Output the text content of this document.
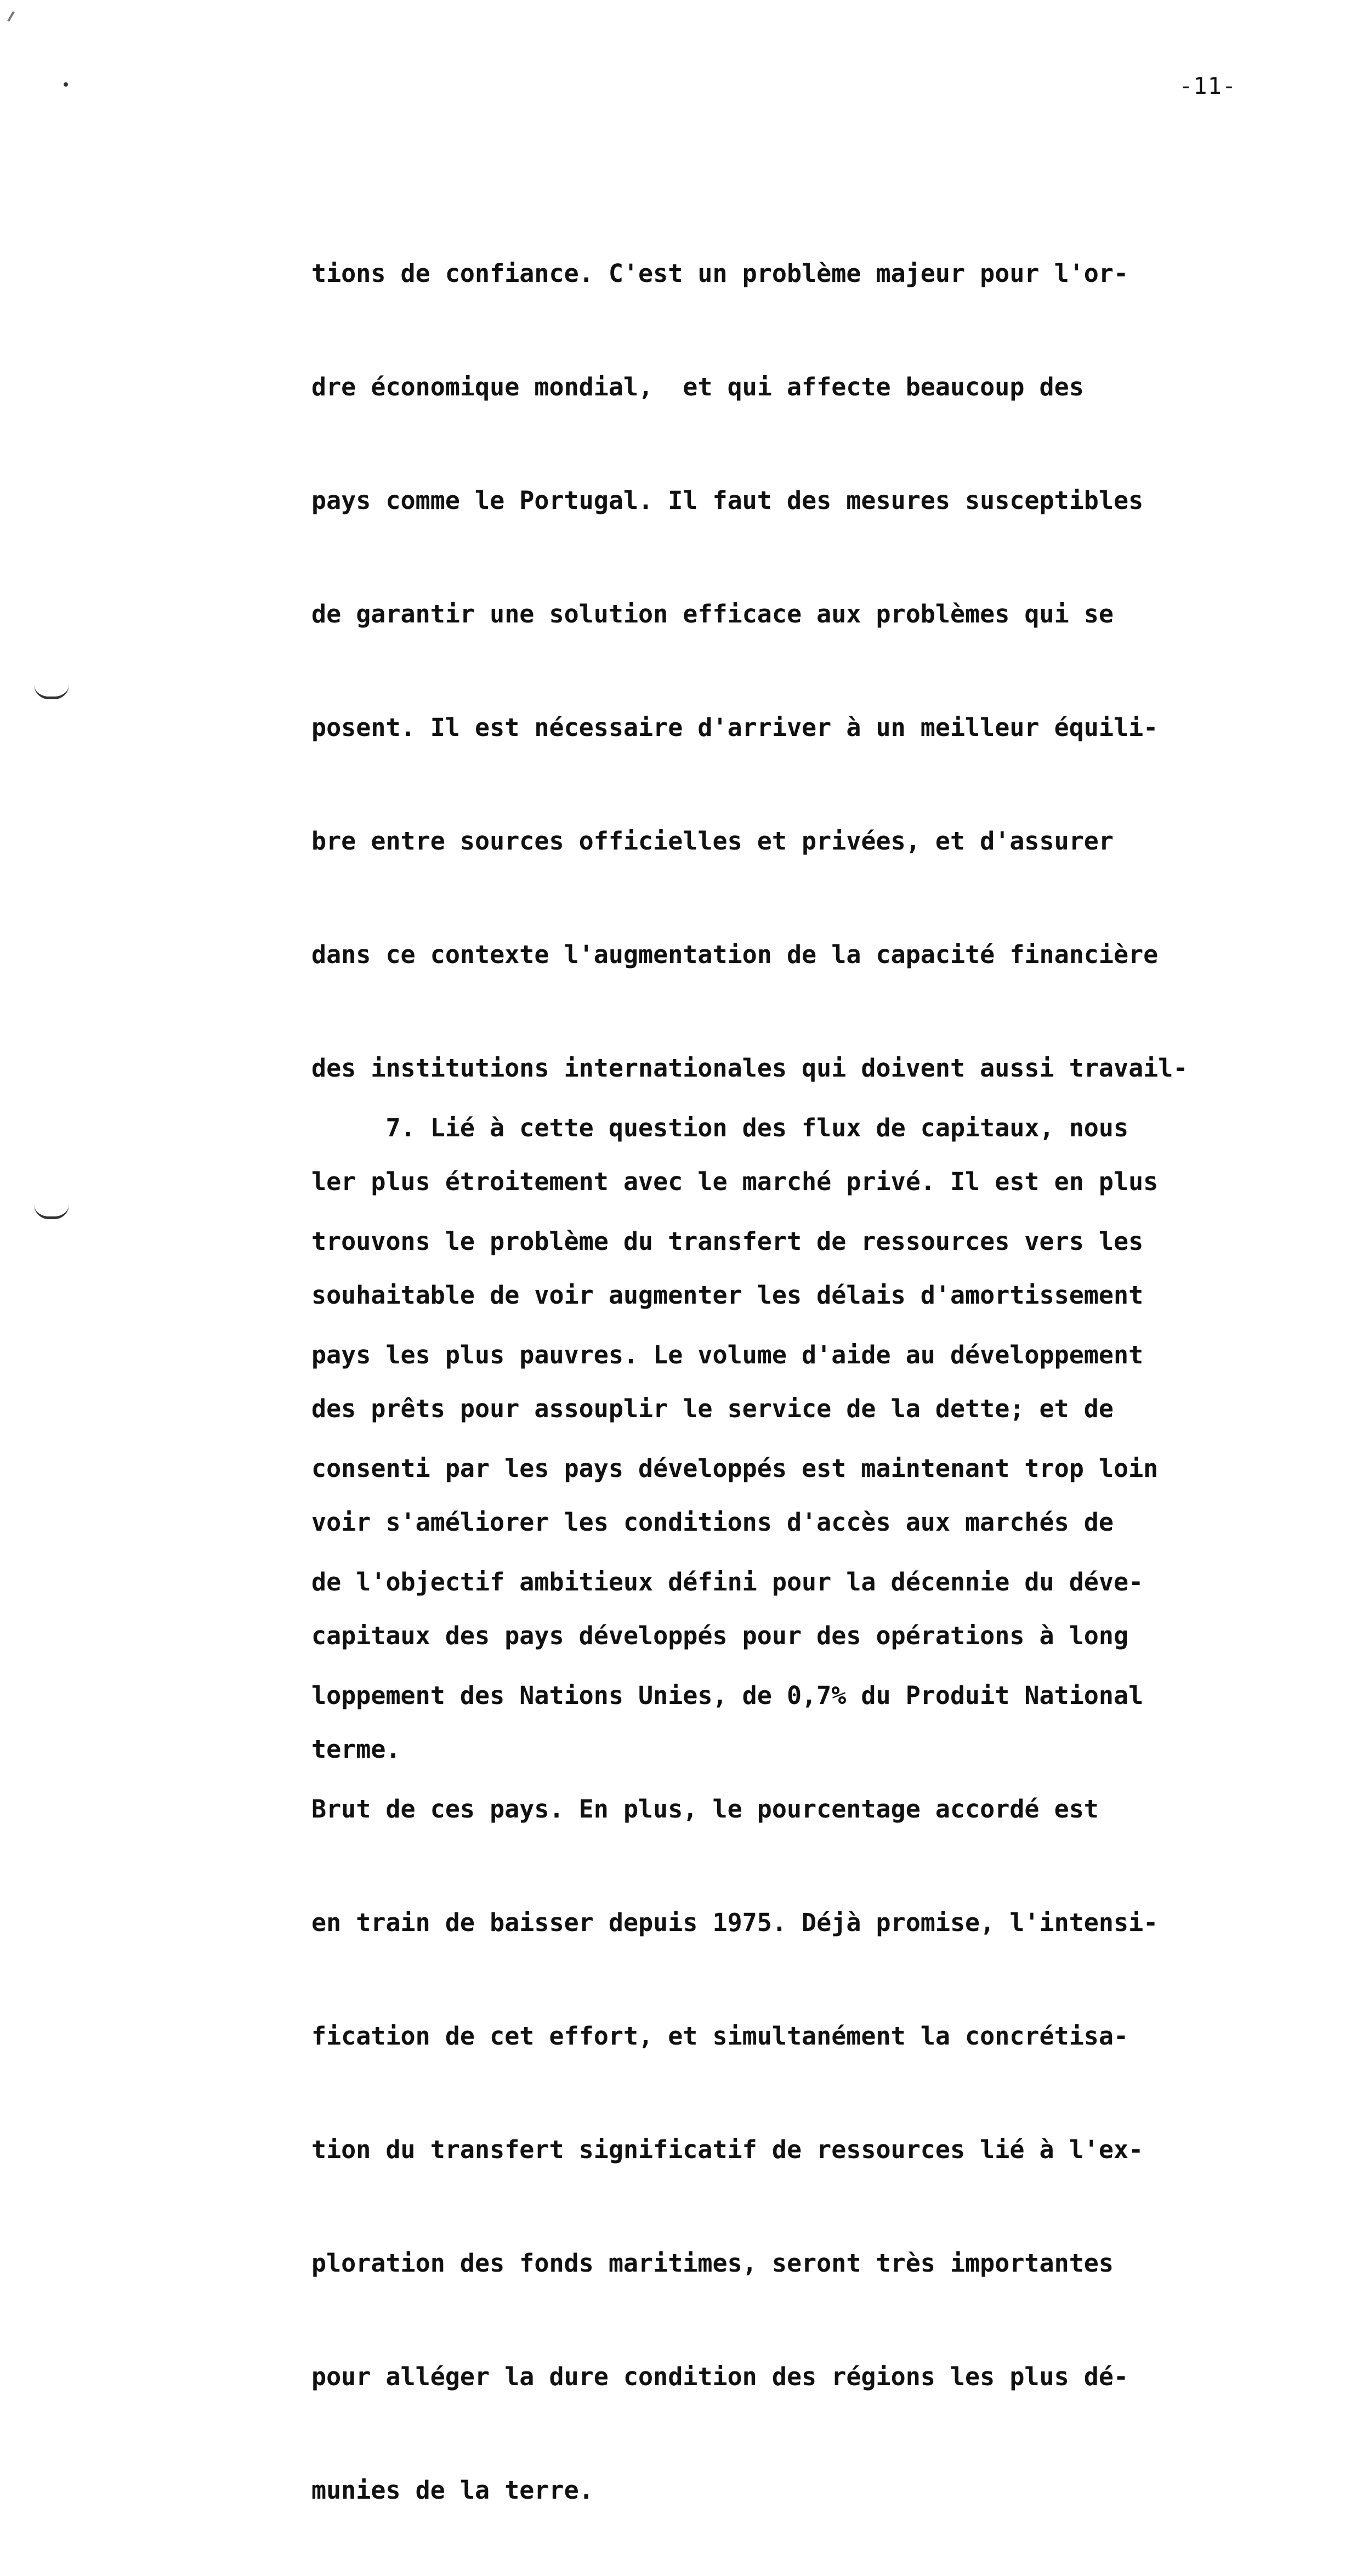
-11-

tions de confiance. C'est un problème majeur pour l'or-

dre économique mondial,  et qui affecte beaucoup des

pays comme le Portugal. Il faut des mesures susceptibles

de garantir une solution efficace aux problèmes qui se

posent. Il est nécessaire d'arriver à un meilleur équili-

bre entre sources officielles et privées, et d'assurer

dans ce contexte l'augmentation de la capacité financière

des institutions internationales qui doivent aussi travail-

ler plus étroitement avec le marché privé. Il est en plus

souhaitable de voir augmenter les délais d'amortissement

des prêts pour assouplir le service de la dette; et de

voir s'améliorer les conditions d'accès aux marchés de

capitaux des pays développés pour des opérations à long

terme.

7. Lié à cette question des flux de capitaux, nous

trouvons le problème du transfert de ressources vers les

pays les plus pauvres. Le volume d'aide au développement

consenti par les pays développés est maintenant trop loin

de l'objectif ambitieux défini pour la décennie du déve-

loppement des Nations Unies, de 0,7% du Produit National

Brut de ces pays. En plus, le pourcentage accordé est

en train de baisser depuis 1975. Déjà promise, l'intensi-

fication de cet effort, et simultanément la concrétisa-

tion du transfert significatif de ressources lié à l'ex-

ploration des fonds maritimes, seront très importantes

pour alléger la dure condition des régions les plus dé-

munies de la terre.
